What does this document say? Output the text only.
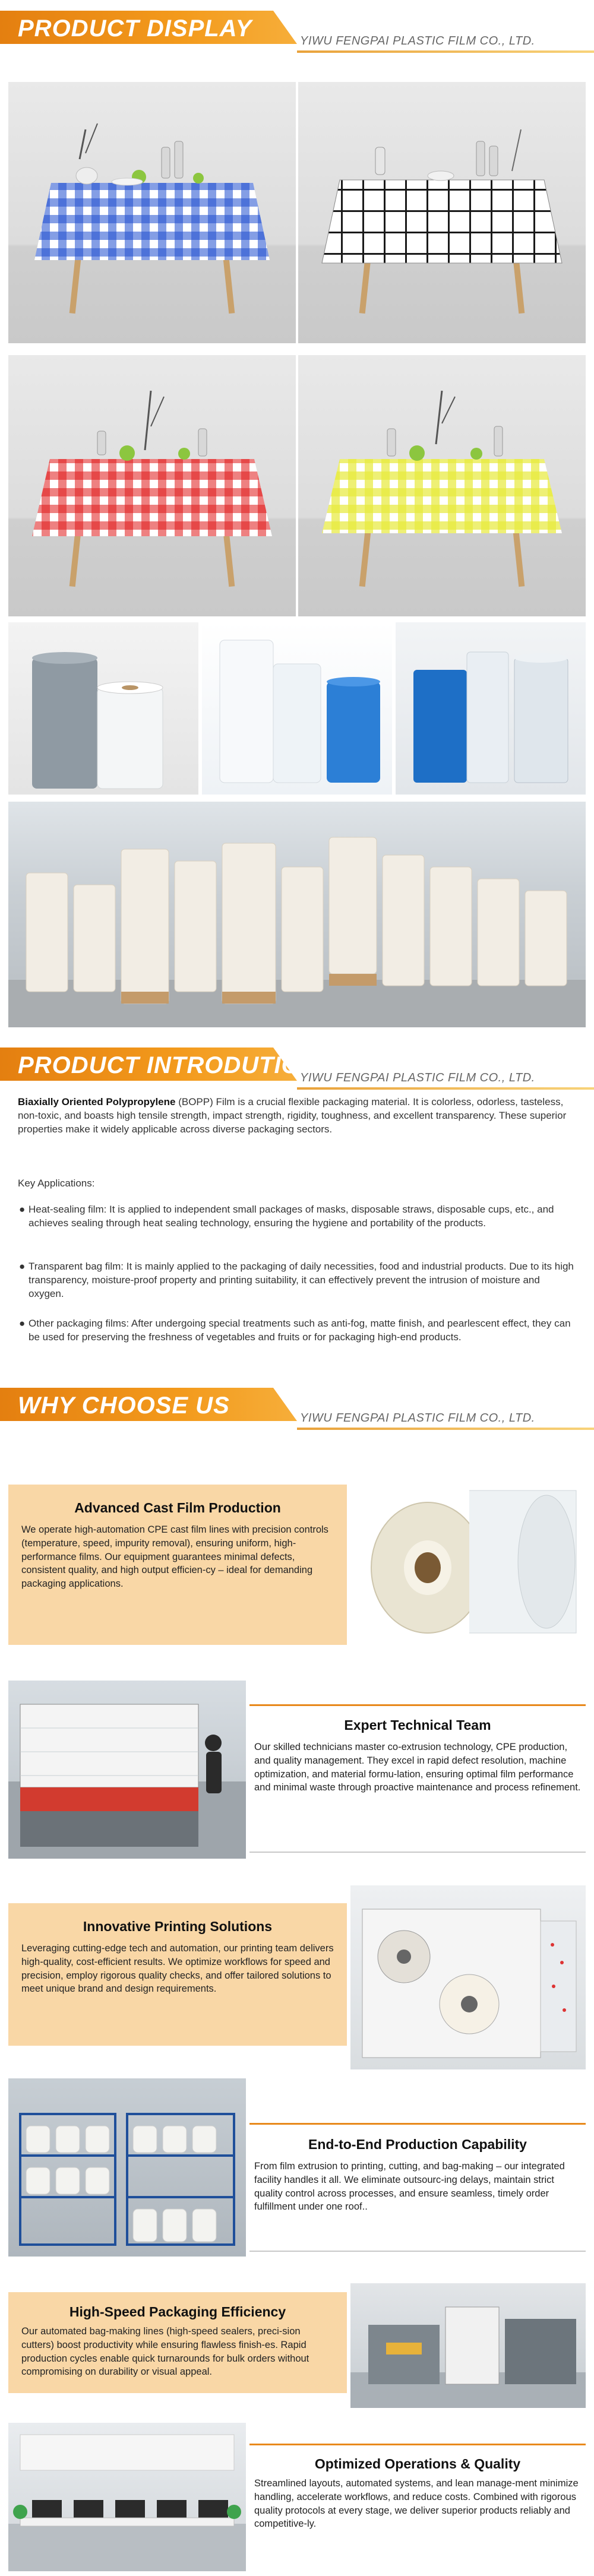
PRODUCT DISPLAY	YIWU FENGPAI PLASTIC FILM CO., LTD.
PRODUCT INTRODUTION
YIWU FENGPAI PLASTIC FILM CO., LTD.
Biaxially Oriented Polypropylene (BOPP) Film is a crucial flexible packaging material. It is colorless, odorless, tasteless, non-toxic, and boasts high tensile strength, impact strength, rigidity, toughness, and excellent transparency. These superior properties make it widely applicable across diverse packaging sectors.
Key Applications:
● Heat-sealing film: It is applied to independent small packages of masks, disposable straws, disposable cups, etc., and achieves sealing through heat sealing technology, ensuring the hygiene and portability of the products.
● Transparent bag film: It is mainly applied to the packaging of daily necessities, food and industrial products. Due to its high transparency, moisture-proof property and printing suitability, it can effectively prevent the intrusion of moisture and oxygen.
● Other packaging films: After undergoing special treatments such as anti-fog, matte finish, and pearlescent effect, they can be used for preserving the freshness of vegetables and fruits or for packaging high-end products.
WHY CHOOSE US	YIWU FENGPAI PLASTIC FILM CO., LTD.
Advanced Cast Film Production

We operate high-automation CPE cast film lines with precision controls (temperature, speed, impurity removal), ensuring uniform, high-performance films. Our equipment guarantees minimal defects, consistent quality, and high output efficien-cy – ideal for demanding packaging applications.

Expert Technical Team

Our skilled technicians master co-extrusion technology, CPE production, and quality management. They excel in rapid defect resolution, machine optimization, and material formu-lation, ensuring optimal film performance and minimal waste through proactive maintenance and process refinement.

Innovative Printing Solutions

Leveraging cutting-edge tech and automation, our printing team delivers high-quality, cost-efficient results. We optimize workflows for speed and precision, employ rigorous quality checks, and offer tailored solutions to meet unique brand and design requirements.

End-to-End Production Capability

From film extrusion to printing, cutting, and bag-making – our integrated facility handles it all. We eliminate outsourc-ing delays, maintain strict quality control across processes, and ensure seamless, timely order fulfillment under one roof..

High-Speed Packaging Efficiency

Our automated bag-making lines (high-speed sealers, preci-sion cutters) boost productivity while ensuring flawless finish-es. Rapid production cycles enable quick turnarounds for bulk orders without compromising on durability or visual appeal.

Optimized Operations & Quality

Streamlined layouts, automated systems, and lean manage-ment minimize handling, accelerate workflows, and reduce costs. Combined with rigorous quality protocols at every stage, we deliver superior products reliably and competitive-ly.
